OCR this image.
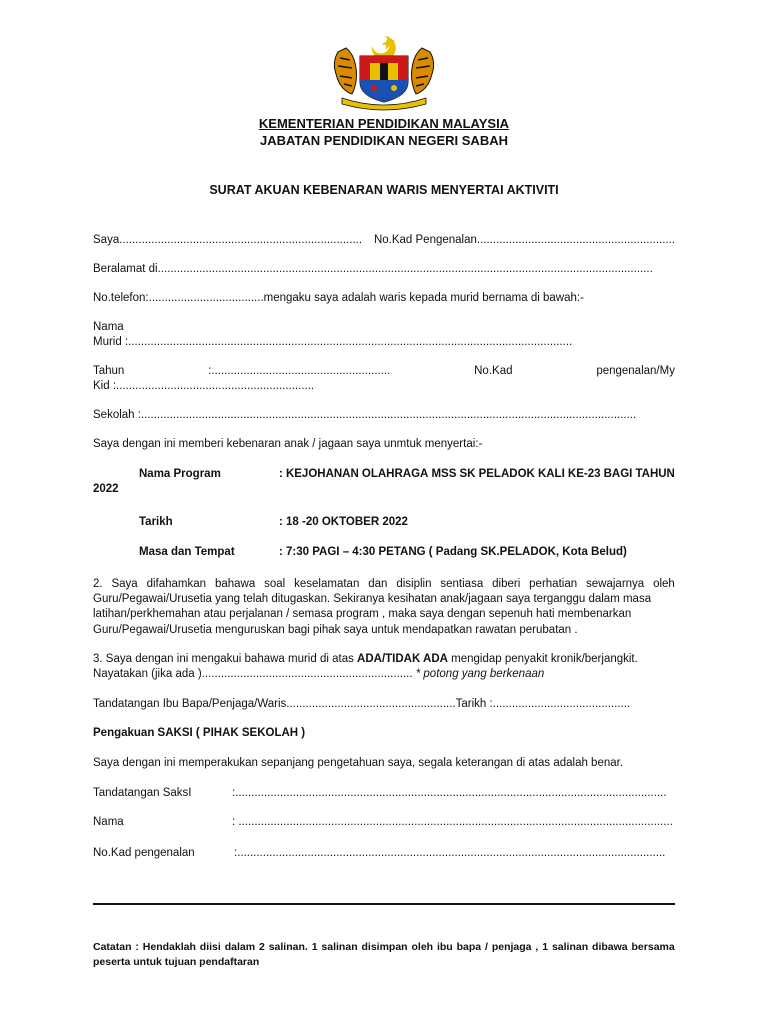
KEMENTERIAN PENDIDIKAN MALAYSIA
JABATAN PENDIDIKAN NEGERI SABAH
SURAT AKUAN KEBENARAN WARIS MENYERTAI AKTIVITI
Saya............................................................................ No.Kad Pengenalan..............................................................
Beralamat di...........................................................................................................................................................
No.telefon:....................................mengaku saya adalah waris kepada murid bernama di bawah:-
Nama
Murid :...........................................................................................................................................
Tahun	:........................................................	No.Kad	pengenalan/My
Kid :..............................................................
Sekolah :...........................................................................................................................................................
Saya dengan ini memberi kebenaran anak / jagaan saya unmtuk menyertai:-
Nama Program	: KEJOHANAN OLAHRAGA MSS SK PELADOK KALI KE-23 BAGI TAHUN
2022
Tarikh	: 18 -20 OKTOBER 2022
Masa dan Tempat	: 7:30 PAGI – 4:30 PETANG ( Padang SK.PELADOK, Kota Belud)
2. Saya difahamkan bahawa soal keselamatan dan disiplin sentiasa diberi perhatian sewajarnya oleh
Guru/Pegawai/Urusetia yang telah ditugaskan. Sekiranya kesihatan anak/jagaan saya terganggu dalam masa
latihan/perkhemahan atau perjalanan / semasa program , maka saya dengan sepenuh hati membenarkan
Guru/Pegawai/Urusetia menguruskan bagi pihak saya untuk mendapatkan rawatan perubatan .
3. Saya dengan ini mengakui bahawa murid di atas ADA/TIDAK ADA mengidap penyakit kronik/berjangkit.
Nayatakan (jika ada ).................................................................. * potong yang berkenaan
Tandatangan Ibu Bapa/Penjaga/Waris.....................................................Tarikh :...........................................
Pengakuan SAKSI ( PIHAK SEKOLAH )
Saya dengan ini memperakukan sepanjang pengetahuan saya, segala keterangan di atas adalah benar.
Tandatangan SaksI	:.......................................................................................................................................
Nama	: ........................................................................................................................................
No.Kad pengenalan	:......................................................................................................................................
Catatan : Hendaklah diisi dalam 2 salinan. 1 salinan disimpan oleh ibu bapa / penjaga , 1 salinan dibawa bersama
peserta untuk tujuan pendaftaran
